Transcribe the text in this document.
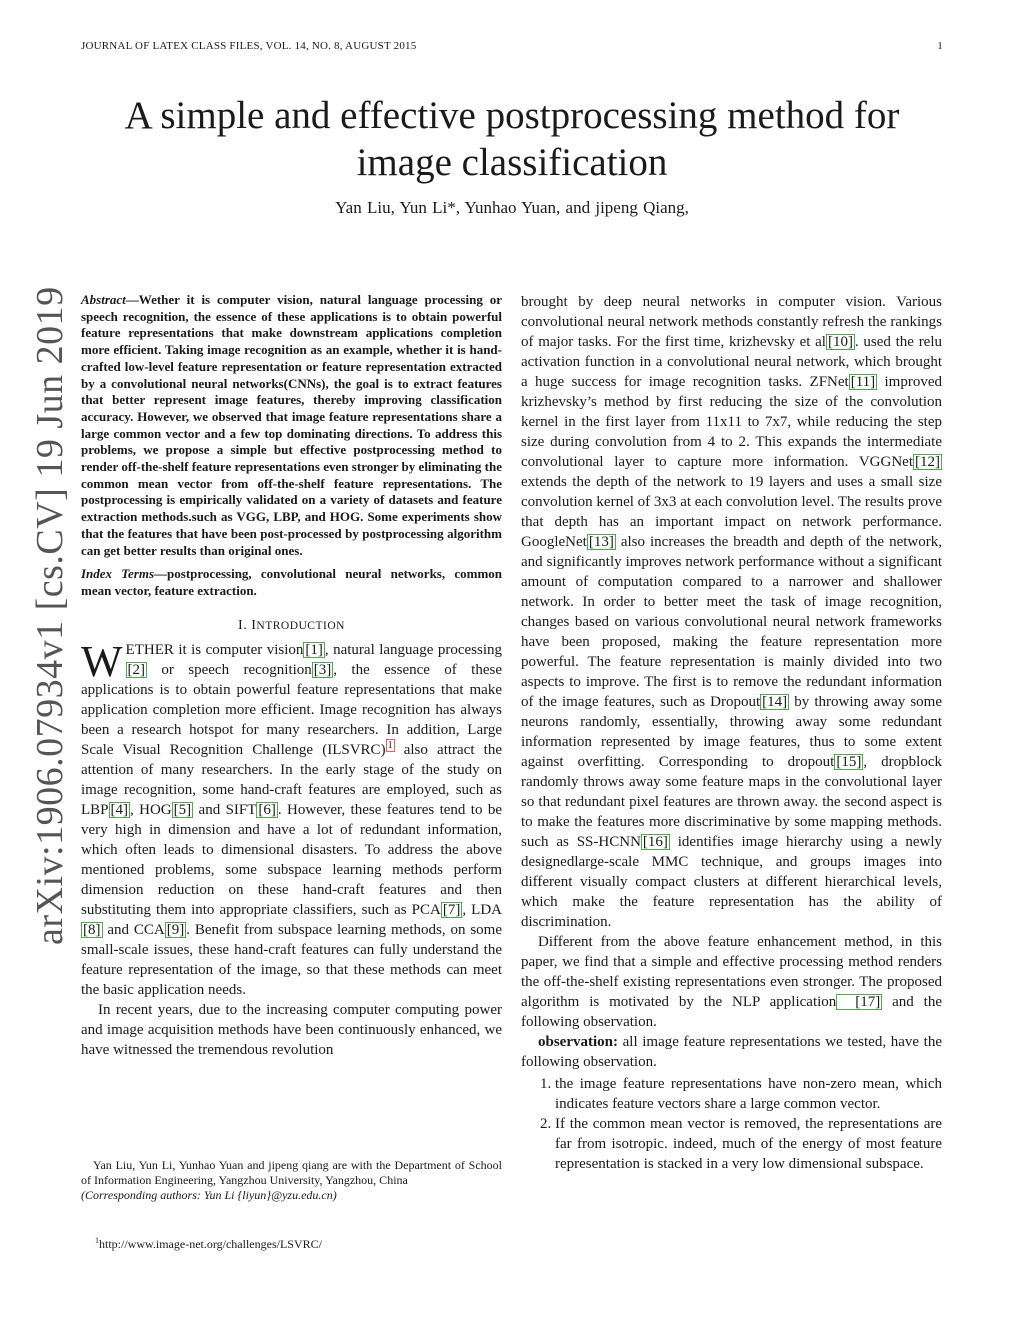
JOURNAL OF LATEX CLASS FILES, VOL. 14, NO. 8, AUGUST 2015	1
arXiv:1906.07934v1 [cs.CV] 19 Jun 2019
A simple and effective postprocessing method for image classification
Yan Liu, Yun Li*, Yunhao Yuan, and jipeng Qiang,
Abstract—Wether it is computer vision, natural language processing or speech recognition, the essence of these applications is to obtain powerful feature representations that make downstream applications completion more efficient. Taking image recognition as an example, whether it is hand-crafted low-level feature representation or feature representation extracted by a convolutional neural networks(CNNs), the goal is to extract features that better represent image features, thereby improving classification accuracy. However, we observed that image feature representations share a large common vector and a few top dominating directions. To address this problems, we propose a simple but effective postprocessing method to render off-the-shelf feature representations even stronger by eliminating the common mean vector from off-the-shelf feature representations. The postprocessing is empirically validated on a variety of datasets and feature extraction methods.such as VGG, LBP, and HOG. Some experiments show that the features that have been post-processed by postprocessing algorithm can get better results than original ones.
Index Terms—postprocessing, convolutional neural networks, common mean vector, feature extraction.
I. INTRODUCTION

WETHER it is computer vision [1] , natural language processing[2] or speech recognition [3] , the essence of these applications is to obtain powerful feature representations that make application completion more efficient. Image recognition has always been a research hotspot for many researchers. In addition, Large Scale Visual Recognition Challenge (ILSVRC) $^1$ also attract the attention of many researchers. In the early stage of the study on image recognition, some hand-craft features are employed, such as LBP [4] , HOG [5] and SIFT [6] . However, these features tend to be very high in dimension and have a lot of redundant information, which often leads to dimensional disasters. To address the above mentioned problems, some subspace learning methods perform dimension reduction on these hand-craft features and then substituting them into appropriate classifiers, such as PCA [7] , LDA[8] and CCA [9] . Benefit from subspace learning methods, on some small-scale issues, these hand-craft features can fully understand the feature representation of the image, so that these methods can meet the basic application needs.

In recent years, due to the increasing computer computing power and image acquisition methods have been continuously enhanced, we have witnessed the tremendous revolution

Yan Liu, Yun Li, Yunhao Yuan and jipeng qiang are with the Department of School of Information Engineering, Yangzhou University, Yangzhou, China
(Corresponding authors: Yun Li {liyun}@yzu.edu.cn)
$^1$http://www.image-net.org/challenges/LSVRC/

brought by deep neural networks in computer vision. Various convolutional neural network methods constantly refresh the rankings of major tasks. For the first time, krizhevsky et al [10] . used the relu activation function in a convolutional neural network, which brought a huge success for image recognition tasks. ZFNet [11] improved krizhevsky’s method by first reducing the size of the convolution kernel in the first layer from 11x11 to 7x7, while reducing the step size during convolution from 4 to 2. This expands the intermediate convolutional layer to capture more information. VGGNet [12] extends the depth of the network to 19 layers and uses a small size convolution kernel of 3x3 at each convolution level. The results prove that depth has an important impact on network performance. GoogleNet [13] also increases the breadth and depth of the network, and significantly improves network performance without a significant amount of computation compared to a narrower and shallower network. In order to better meet the task of image recognition, changes based on various convolutional neural network frameworks have been proposed, making the feature representation more powerful. The feature representation is mainly divided into two aspects to improve. The first is to remove the redundant information of the image features, such as Dropout [14] by throwing away some neurons randomly, essentially, throwing away some redundant information represented by image features, thus to some extent against overfitting. Corresponding to dropout [15] , dropblock randomly throws away some feature maps in the convolutional layer so that redundant pixel features are thrown away. the second aspect is to make the features more discriminative by some mapping methods. such as SS-HCNN [16] identifies image hierarchy using a newly designedlarge-scale MMC technique, and groups images into different visually compact clusters at different hierarchical levels, which make the feature representation has the ability of discrimination.

Different from the above feature enhancement method, in this paper, we find that a simple and effective processing method renders the off-the-shelf existing representations even stronger. The proposed algorithm is motivated by the NLP application [17] and the following observation.

observation: all image feature representations we tested, have the following observation.

1. the image feature representations have non-zero mean, which indicates feature vectors share a large common vector.
2. If the common mean vector is removed, the representations are far from isotropic. indeed, much of the energy of most feature representation is stacked in a very low dimensional subspace.
